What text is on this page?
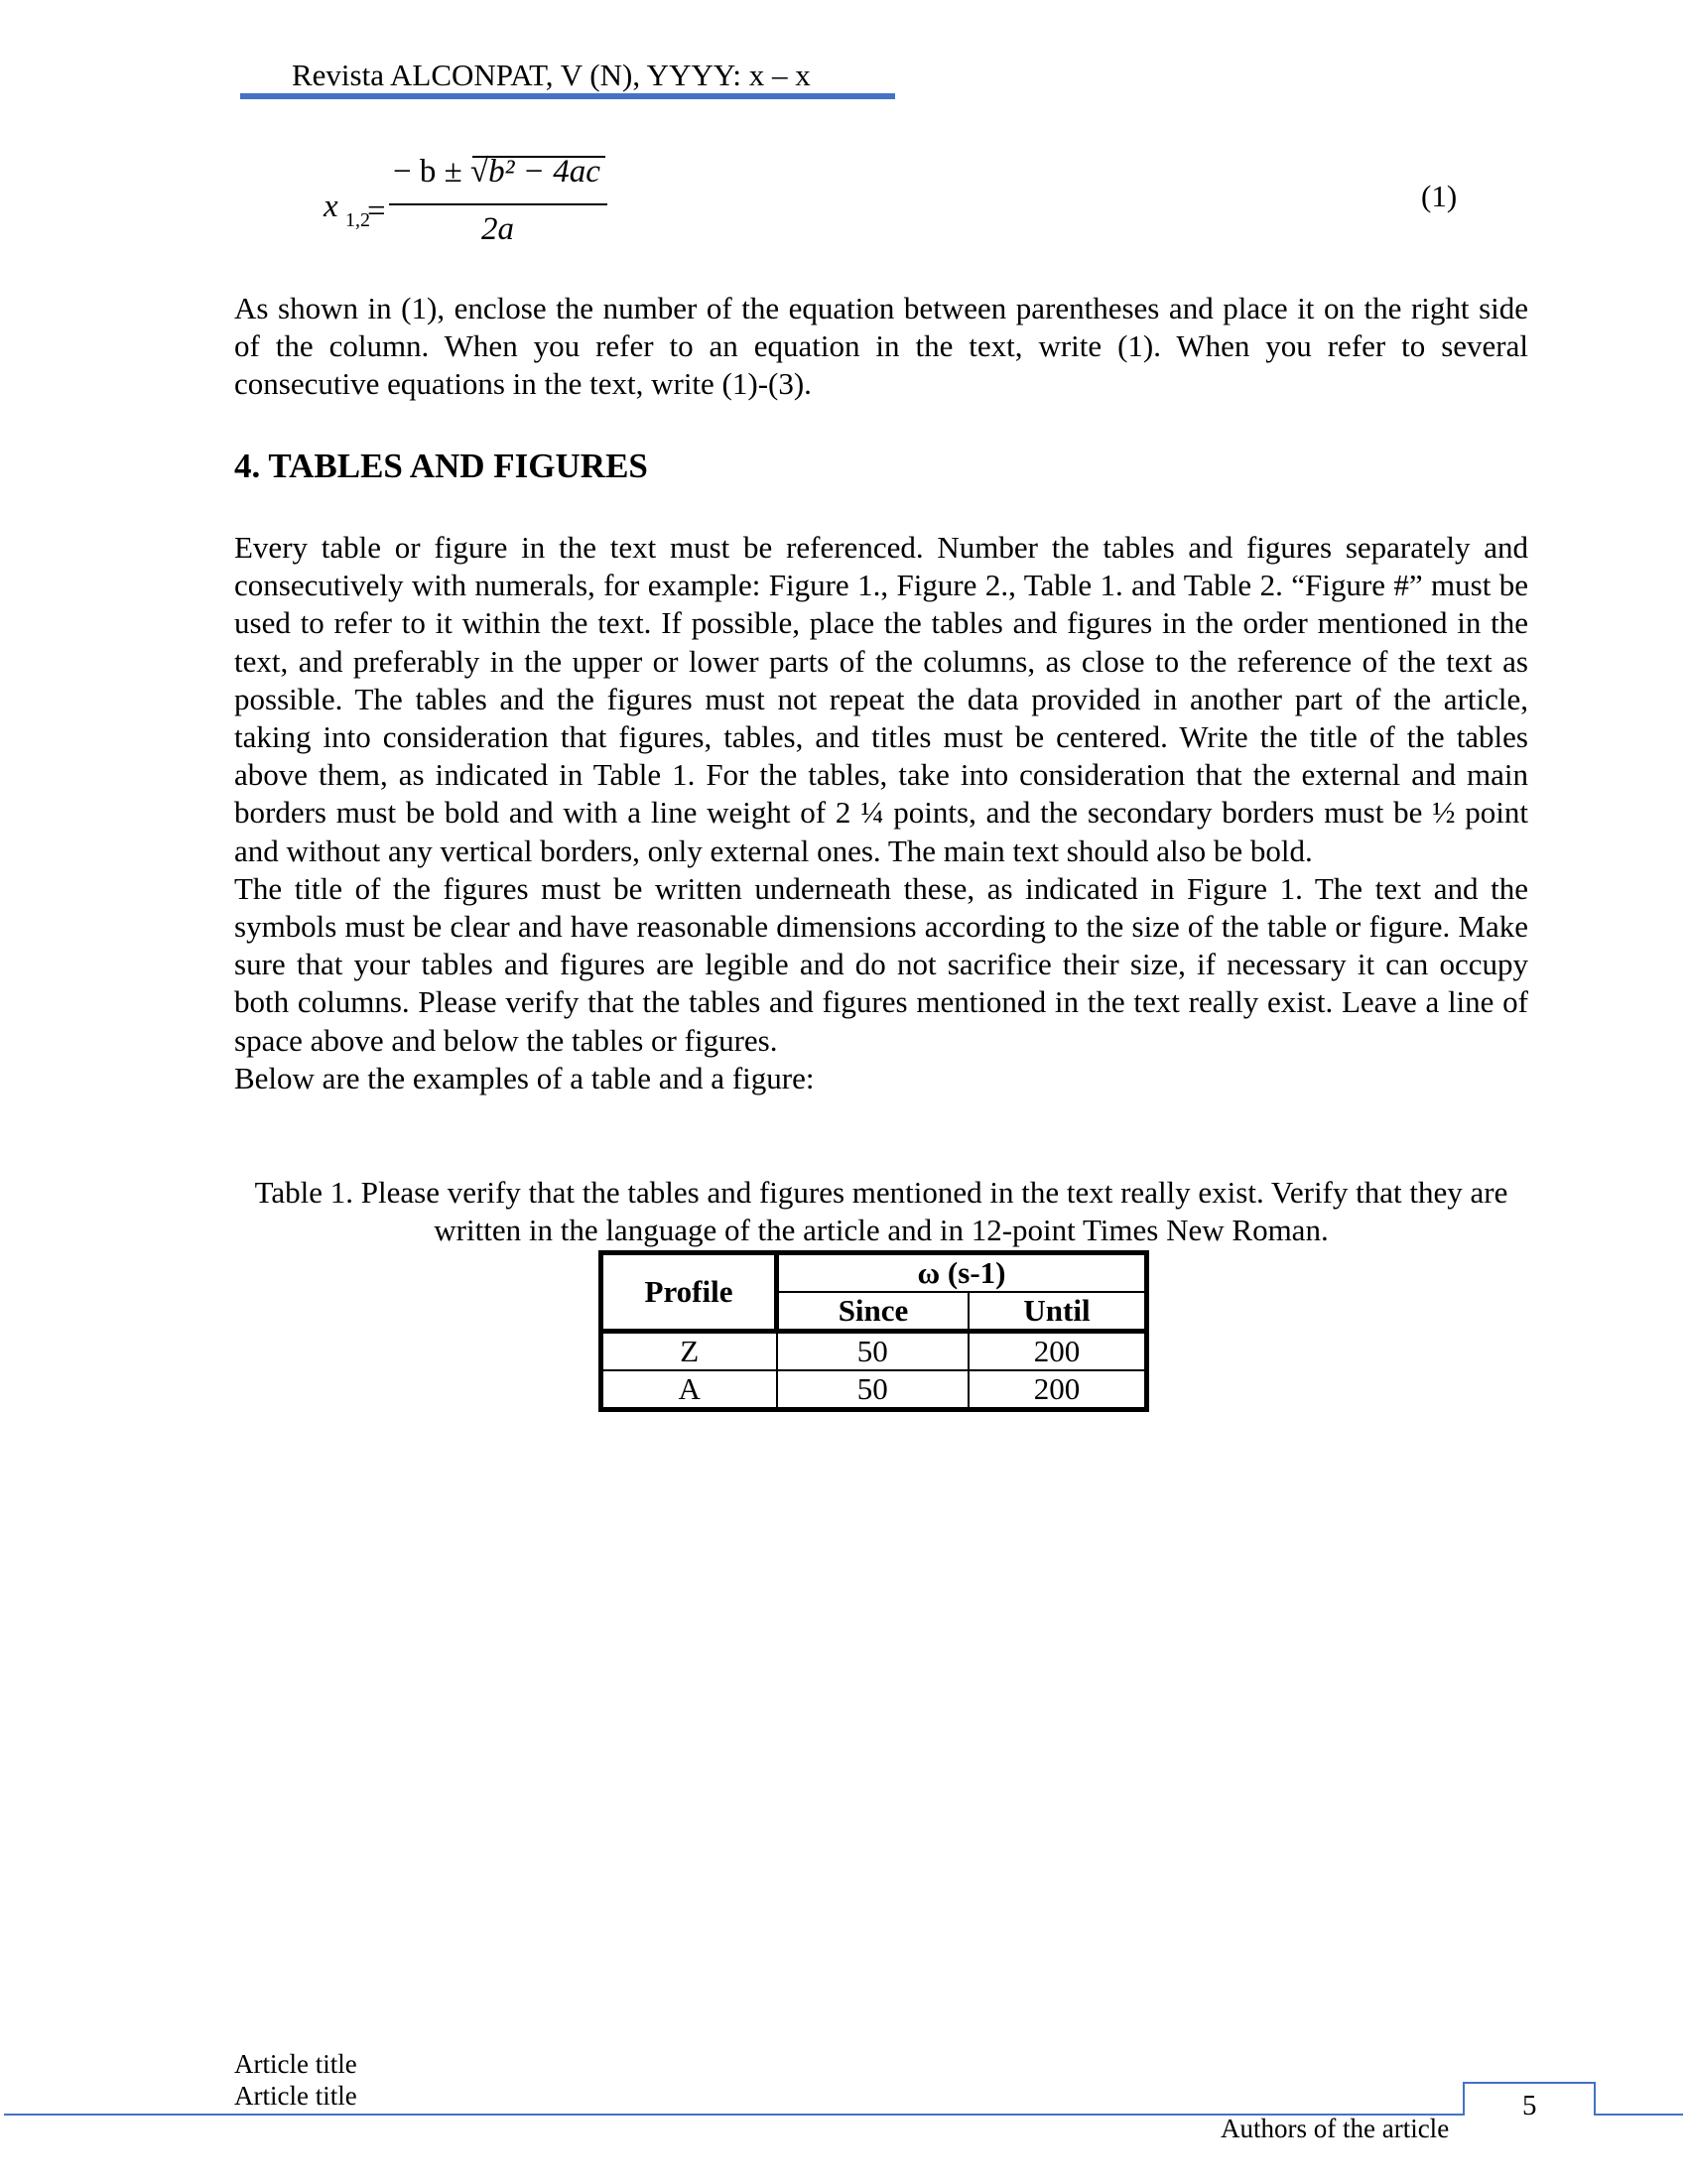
Revista ALCONPAT, V (N), YYYY: x – x
x 1,2
=
− b ± √b² − 4ac
2a
(1)

As shown in (1), enclose the number of the equation between parentheses and place it on the right side of the column. When you refer to an equation in the text, write (1). When you refer to several consecutive equations in the text, write (1)-(3).

4. TABLES AND FIGURES

Every table or figure in the text must be referenced. Number the tables and figures separately and consecutively with numerals, for example: Figure 1., Figure 2., Table 1. and Table 2. “Figure #” must be used to refer to it within the text. If possible, place the tables and figures in the order mentioned in the text, and preferably in the upper or lower parts of the columns, as close to the reference of the text as possible. The tables and the figures must not repeat the data provided in another part of the article, taking into consideration that figures, tables, and titles must be centered. Write the title of the tables above them, as indicated in Table 1. For the tables, take into consideration that the external and main borders must be bold and with a line weight of 2 ¼ points, and the secondary borders must be ½ point and without any vertical borders, only external ones. The main text should also be bold.

The title of the figures must be written underneath these, as indicated in Figure 1. The text and the symbols must be clear and have reasonable dimensions according to the size of the table or figure. Make sure that your tables and figures are legible and do not sacrifice their size, if necessary it can occupy both columns. Please verify that the tables and figures mentioned in the text really exist. Leave a line of space above and below the tables or figures.

Below are the examples of a table and a figure:

Table 1. Please verify that the tables and figures mentioned in the text really exist. Verify that they are written in the language of the article and in 12-point Times New Roman.
Profile	ω (s-1)	
	Since	Until
Z	50	200
A	50	200
Article title
Article title	5
Authors of the article
